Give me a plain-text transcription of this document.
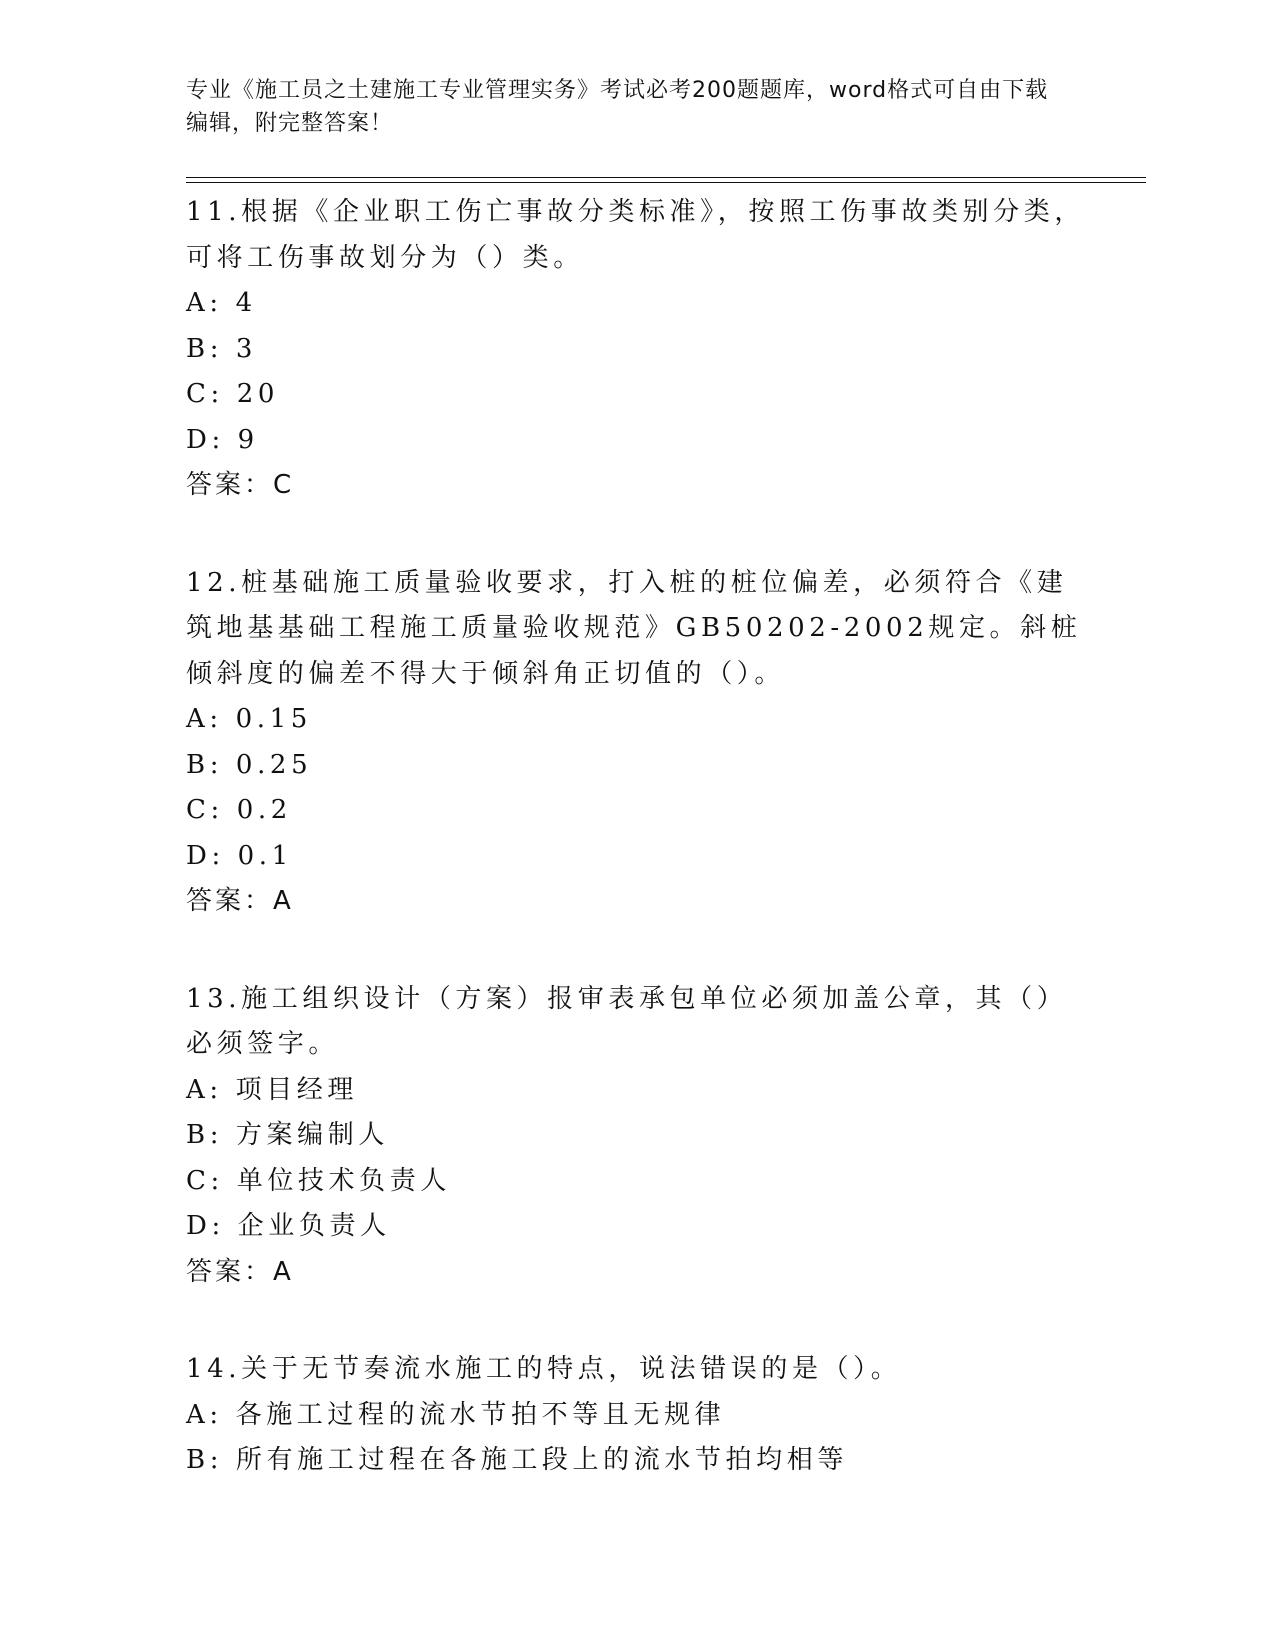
专业《施工员之土建施工专业管理实务》考试必考200题题库，word格式可自由下载编辑，附完整答案！
11.根据《企业职工伤亡事故分类标准》，按照工伤事故类别分类，可将工伤事故划分为（）类。
A: 4
B: 3
C: 20
D: 9
答案：C
12.桩基础施工质量验收要求，打入桩的桩位偏差，必须符合《建筑地基基础工程施工质量验收规范》GB50202-2002规定。斜桩倾斜度的偏差不得大于倾斜角正切值的（）。
A: 0.15
B: 0.25
C: 0.2
D: 0.1
答案：A
13.施工组织设计（方案）报审表承包单位必须加盖公章，其（）必须签字。
A: 项目经理
B: 方案编制人
C: 单位技术负责人
D: 企业负责人
答案：A
14.关于无节奏流水施工的特点，说法错误的是（）。
A: 各施工过程的流水节拍不等且无规律
B: 所有施工过程在各施工段上的流水节拍均相等
